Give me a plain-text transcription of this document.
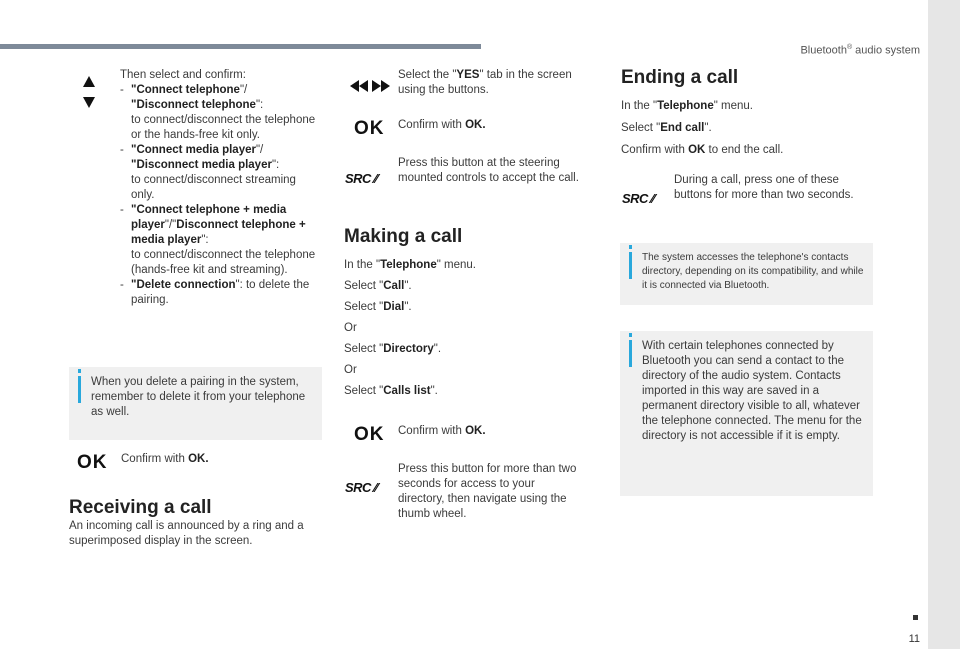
Bluetooth® audio system

Then select and confirm:

- "Connect telephone"/
"Disconnect telephone":
to connect/disconnect the telephone or the hands-free kit only.

- "Connect media player"/
"Disconnect media player":
to connect/disconnect streaming only.

- "Connect telephone + media player"/"Disconnect telephone + media player":
to connect/disconnect the telephone (hands-free kit and streaming).

- "Delete connection": to delete the pairing.

When you delete a pairing in the system, remember to delete it from your telephone as well.
OK Confirm with OK.
Receiving a call
An incoming call is announced by a ring and a superimposed display in the screen.
Select the "YES" tab in the screen using the buttons.
OK Confirm with OK.
SRC ⁄⁄
Press this button at the steering mounted controls to accept the call.
Making a call
In the "Telephone" menu.
Select "Call".
Select "Dial".
Or
Select "Directory".
Or
Select "Calls list".
OK Confirm with OK.
SRC ⁄⁄
Press this button for more than two seconds for access to your directory, then navigate using the thumb wheel.
Ending a call
In the "Telephone" menu.
Select "End call".
Confirm with OK to end the call.
SRC ⁄⁄
During a call, press one of these buttons for more than two seconds.
The system accesses the telephone's contacts directory, depending on its compatibility, and while it is connected via Bluetooth.
With certain telephones connected by Bluetooth you can send a contact to the directory of the audio system. Contacts imported in this way are saved in a permanent directory visible to all, whatever the telephone connected. The menu for the directory is not accessible if it is empty.
11
